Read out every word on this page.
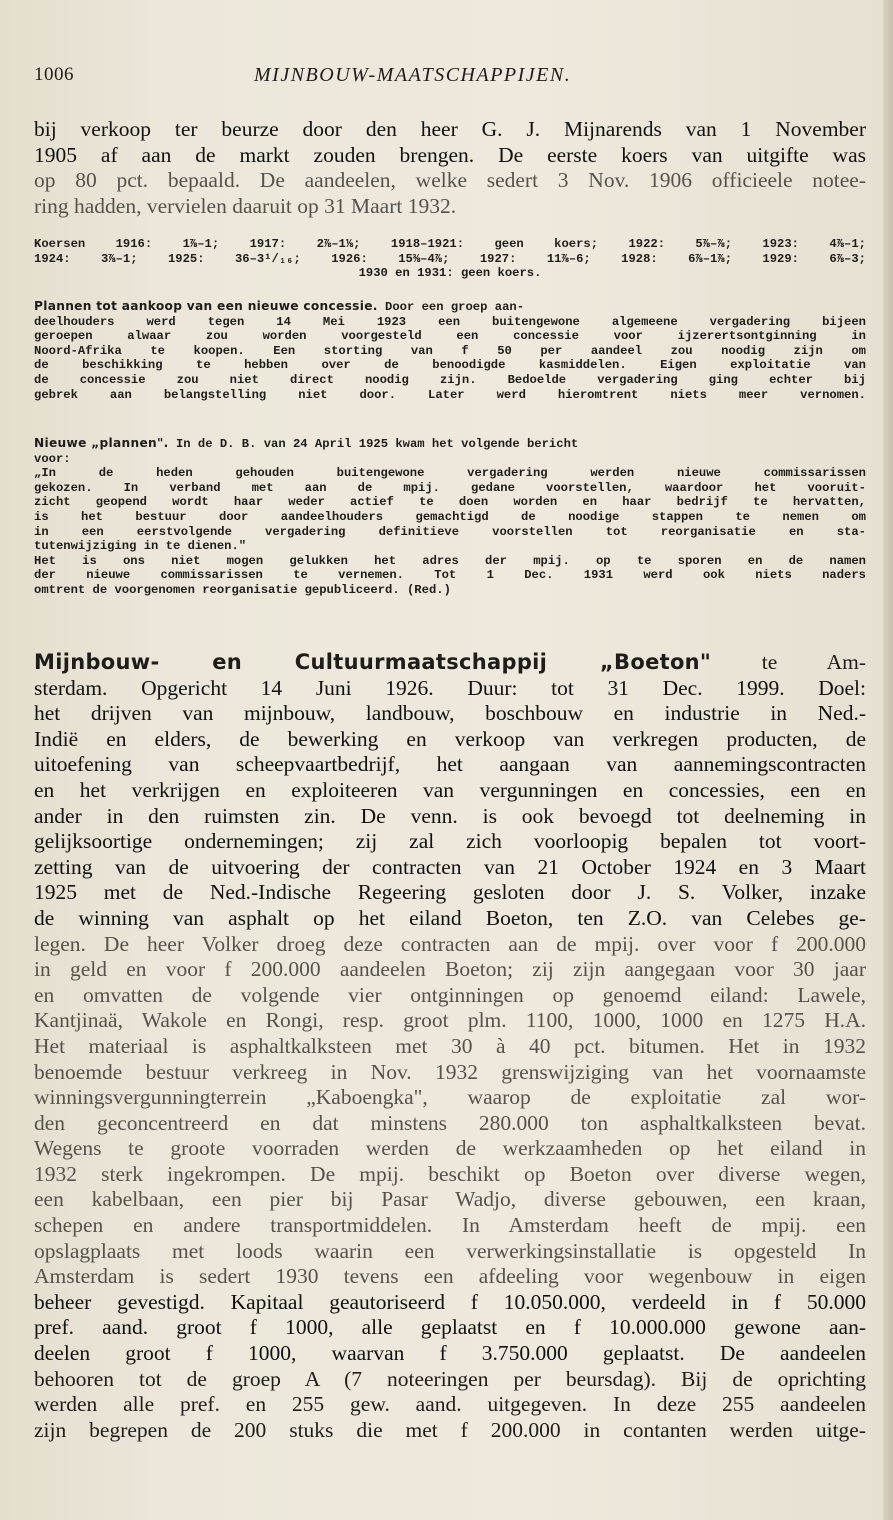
1006	MIJNBOUW-MAATSCHAPPIJEN.
bij verkoop ter beurze door den heer G. J. Mijnarends van 1 November
1905 af aan de markt zouden brengen. De eerste koers van uitgifte was
op 80 pct. bepaald. De aandeelen, welke sedert 3 Nov. 1906 officieele notee-
ring hadden, vervielen daaruit op 31 Maart 1932.
Koersen 1916: 1⅞–1; 1917: 2⅞–1⅛; 1918–1921: geen koers; 1922: 5⅞–⅞; 1923: 4⅞–1;
1924: 3⅞–1; 1925: 36–3¹/₁₆; 1926: 15⅜–4⅞; 1927: 11⅞–6; 1928: 6⅞–1⅞; 1929: 6⅞–3;
1930 en 1931: geen koers.
Plannen tot aankoop van een nieuwe concessie. Door een groep aan-
deelhouders werd tegen 14 Mei 1923 een buitengewone algemeene vergadering bijeen
geroepen alwaar zou worden voorgesteld een concessie voor ijzerertsontginning in
Noord-Afrika te koopen. Een storting van f 50 per aandeel zou noodig zijn om
de beschikking te hebben over de benoodigde kasmiddelen. Eigen exploitatie van
de concessie zou niet direct noodig zijn. Bedoelde vergadering ging echter bij
gebrek aan belangstelling niet door. Later werd hieromtrent niets meer vernomen.
Nieuwe „plannen". In de D. B. van 24 April 1925 kwam het volgende bericht
voor:
„In de heden gehouden buitengewone vergadering werden nieuwe commissarissen
gekozen. In verband met aan de mpij. gedane voorstellen, waardoor het vooruit-
zicht geopend wordt haar weder actief te doen worden en haar bedrijf te hervatten,
is het bestuur door aandeelhouders gemachtigd de noodige stappen te nemen om
in een eerstvolgende vergadering definitieve voorstellen tot reorganisatie en sta-
tutenwijziging in te dienen."
Het is ons niet mogen gelukken het adres der mpij. op te sporen en de namen
der nieuwe commissarissen te vernemen. Tot 1 Dec. 1931 werd ook niets naders
omtrent de voorgenomen reorganisatie gepubliceerd. (Red.)
Mijnbouw- en Cultuurmaatschappij „Boeton" te Am-
sterdam. Opgericht 14 Juni 1926. Duur: tot 31 Dec. 1999. Doel:
het drijven van mijnbouw, landbouw, boschbouw en industrie in Ned.-
Indië en elders, de bewerking en verkoop van verkregen producten, de
uitoefening van scheepvaartbedrijf, het aangaan van aannemingscontracten
en het verkrijgen en exploiteeren van vergunningen en concessies, een en
ander in den ruimsten zin. De venn. is ook bevoegd tot deelneming in
gelijksoortige ondernemingen; zij zal zich voorloopig bepalen tot voort-
zetting van de uitvoering der contracten van 21 October 1924 en 3 Maart
1925 met de Ned.-Indische Regeering gesloten door J. S. Volker, inzake
de winning van asphalt op het eiland Boeton, ten Z.O. van Celebes ge-
legen. De heer Volker droeg deze contracten aan de mpij. over voor f 200.000
in geld en voor f 200.000 aandeelen Boeton; zij zijn aangegaan voor 30 jaar
en omvatten de volgende vier ontginningen op genoemd eiland: Lawele,
Kantjinaä, Wakole en Rongi, resp. groot plm. 1100, 1000, 1000 en 1275 H.A.
Het materiaal is asphaltkalksteen met 30 à 40 pct. bitumen. Het in 1932
benoemde bestuur verkreeg in Nov. 1932 grenswijziging van het voornaamste
winningsvergunningterrein „Kaboengka", waarop de exploitatie zal wor-
den geconcentreerd en dat minstens 280.000 ton asphaltkalksteen bevat.
Wegens te groote voorraden werden de werkzaamheden op het eiland in
1932 sterk ingekrompen. De mpij. beschikt op Boeton over diverse wegen,
een kabelbaan, een pier bij Pasar Wadjo, diverse gebouwen, een kraan,
schepen en andere transportmiddelen. In Amsterdam heeft de mpij. een
opslagplaats met loods waarin een verwerkingsinstallatie is opgesteld In
Amsterdam is sedert 1930 tevens een afdeeling voor wegenbouw in eigen
beheer gevestigd. Kapitaal geautoriseerd f 10.050.000, verdeeld in f 50.000
pref. aand. groot f 1000, alle geplaatst en f 10.000.000 gewone aan-
deelen groot f 1000, waarvan f 3.750.000 geplaatst. De aandeelen
behooren tot de groep A (7 noteeringen per beursdag). Bij de oprichting
werden alle pref. en 255 gew. aand. uitgegeven. In deze 255 aandeelen
zijn begrepen de 200 stuks die met f 200.000 in contanten werden uitge-
